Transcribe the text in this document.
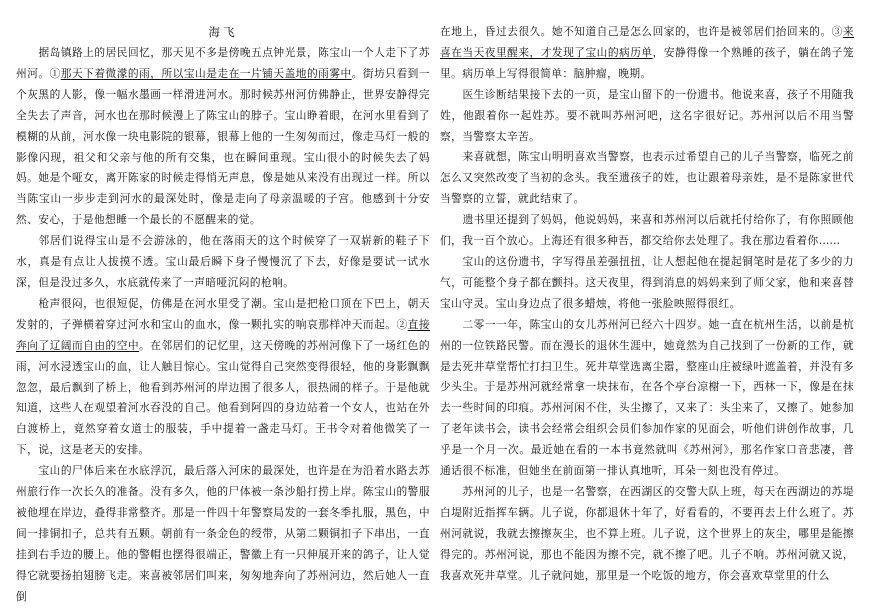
海飞

据岛镇路上的居民回忆，那天见不多是傍晚五点钟光景，陈宝山一个人走下了苏州河。①那天下着微濛的雨，所以宝山是走在一片铺天盖地的雨雾中。街坊只看到一个灰黑的人影，像一幅水墨画一样滑进河水。那时候苏州河仿佛静止，世界安静得完全失去了声音，河水也在那时候漫上了陈宝山的脖子。宝山睁着眼，在河水里看到了模糊的从前，河水像一块电影院的银幕，银幕上他的一生匆匆而过，像走马灯一般的影像闪现，祖父和父亲与他的所有交集，也在瞬间重现。宝山很小的时候失去了妈妈。她是个哑女，离开陈家的时候走得悄无声息，像是她从来没有出现过一样。所以当陈宝山一步步走到河水的最深处时，像是走向了母亲温暖的子宫。他感到十分安然、安心，于是他想睡一个最长的不愿醒来的觉。

邻居们说得宝山是不会游泳的，他在落雨天的这个时候穿了一双崭新的鞋子下水，真是有点让人拔摸不透。宝山最后瞬下身子慢慢沉了下去，好像是要试一试水深，但是没过多久，水底就传来了一声暗哑沉闷的枪响。

枪声很闷，也很短促，仿佛是在河水里受了潮。宝山是把枪口顶在下巴上，朝天发射的，子弹横着穿过河水和宝山的血水，像一颗扎实的响哀那样冲天而起。②直接奔向了辽阔而自由的空中。在邻居们的记忆里，这天傍晚的苏州河像下了一场红色的雨，河水浸透宝山的血，让人触目惊心。宝山觉得自己突然变得很轻，他的身影飘飘忽忽，最后飘到了桥上，他看到苏州河的岸边围了很多人，很热闹的样子。于是他就知道，这些人在观望着河水吞没的自己。他看到阿四的身边站着一个女人，也站在外白渡桥上，竟然穿着女道士的服装，手中提着一盏走马灯。王书令对着他微笑了一下，说，这是老天的安排。

宝山的尸体后来在水底浮沉，最后落入河床的最深处，也许是在为沿着水路去苏州旅行作一次长久的准备。没有多久，他的尸体被一条沙船打捞上岸。陈宝山的警服被他埋在岸边，叠得非常整齐。那是一件四十年警察局发的一套冬季扎服，黑色，中间一排铜扣子，总共有五颗。朝前有一条金色的绶带，从第二颗铜扣子下串出，一直挂到右手边的腰上。他的警帽也摆得很端正，警徽上有一只伸展开来的鸽子，让人觉得它就要扬拍翅膀飞走。来喜被邻居们叫来，匆匆地奔向了苏州河边，然后她人一直倒

在地上，昏过去很久。她不知道自己是怎么回家的，也许是被邻居们抬回来的。③来喜在当天夜里醒来，才发现了宝山的病历单，安静得像一个熟睡的孩子，躺在鸽子笼里。病历单上写得很简单：脑肿瘤，晚期。

医生诊断结果接下去的一页，是宝山留下的一份遗书。他说来喜，孩子不用随我姓，他跟着你一起姓苏。要不就叫苏州河吧，这名字很好记。苏州河以后不用当警察，当警察太辛苦。

来喜就想，陈宝山明明喜欢当警察，也表示过希望自己的儿子当警察，临死之前怎么又突然改变了当初的念头。我至遗孩子的姓，也让跟着母亲姓，是不是陈家世代当警察的立誓，就此结束了。

遗书里还提到了妈妈，他说妈妈，来喜和苏州河以后就托付给你了，有你照顾他们，我一百个放心。上海还有很多种吾，都交给你去处理了。我在那边看着你……

宝山的这份遗书，字写得虽差强扭扭，让人想起他在提起铜笔时是花了多少的力气，可能整个身子都在颤抖。这天夜里，得到消息的妈妈来到了师父家，他和来喜替宝山守灵。宝山身边点了很多蜡烛，将他一张脸映照得很红。

二零一一年，陈宝山的女儿苏州河已经六十四岁。她一直在杭州生活，以前是杭州的一位铁路民警。而在漫长的退休生涯中，她竟然为自己找到了一份新的工作，就是去死井草堂帮忙打扫卫生。死井草堂选离尘嚣，整座山庄被绿叶遮盖着，并没有多少头尘。于是苏州河就经常拿一块抹布，在各个亭台凉榭一下，西林一下，像是在抹去一些时间的印痕。苏州河闲不住，头尘擦了，又来了：头尘来了，又擦了。她参加了老年读书会，读书会经常会组织会员们参加作家的见面会，听他们讲创作故事，几乎是一个月一次。最近她在看的一本书竟然就叫《苏州河》，那名作家口音悲凄，普通话很不标准，但她坐在前面第一排认真地听，耳朵一刻也没有停过。

苏州河的儿子，也是一名警察，在西湖区的交警大队上班，每天在西湖边的苏堤白堤附近指挥车辆。儿子说，你都退休十年了，好看看的，不要再去上什么班了。苏州河就说，我就去擦擦灰尘，也不算上班。儿子说，这个世界上的灰尘，哪里是能擦得完的。苏州河说，那也不能因为擦不完，就不擦了吧。儿子不响。苏州河就又说，我喜欢死井草堂。儿子就问她，那里是一个吃饭的地方，你会喜欢草堂里的什么
